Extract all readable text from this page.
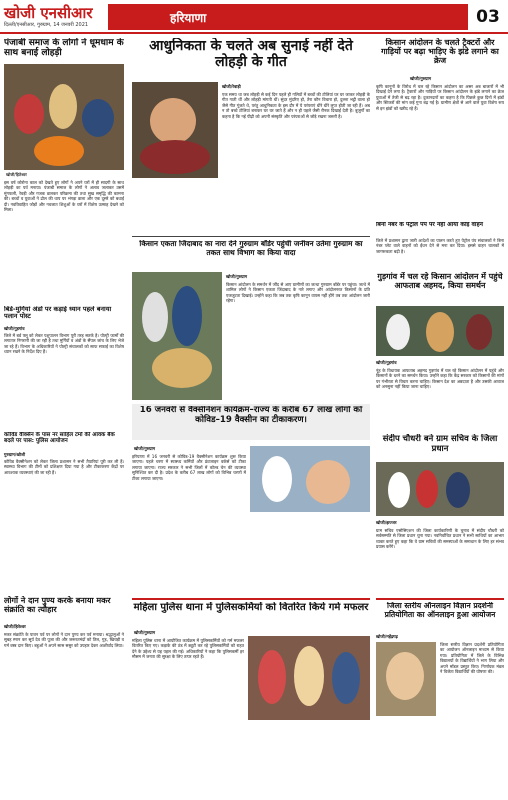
खोजी एनसीआर
दिल्ली/एनसीआर, गुरुग्राम, 14 जनवरी 2021	हरियाणा	03
पंजाबी समाज के लोगों ने धूमधाम के साथ बनाई लोहड़ी
खोजी/हितेश्वर
इस वर्ष कोरोना काल को देखते हुए लोगों ने अपने घरों में ही सादगी के साथ लोहड़ी का पर्व मनाया। पंजाबी समाज के लोगों ने अलाव जलाकर उसमें मूंगफली, रेवड़ी और गजक डालकर परिक्रमा की तथा सुख समृद्धि की कामना की। बच्चों व युवाओं ने ढोल की थाप पर भंगड़ा डाला और एक दूसरे को बधाई दी। नवविवाहित जोड़ों और नवजात शिशुओं के घरों में विशेष उत्साह देखने को मिला।
बिर्ड-मुर्गियां अंडों पर कड़ाई ध्यान पहले बनाया पलान पोस्ट
खोजी/गुड़गांव
जिले में बर्ड फ्लू को लेकर पशुपालन विभाग पूरी तरह सतर्क है। पोल्ट्री फार्मों की लगातार निगरानी की जा रही है तथा मुर्गियों व अंडों के सैंपल जांच के लिए भेजे जा रहे हैं। विभाग के अधिकारियों ने पोल्ट्री संचालकों को साफ सफाई का विशेष ध्यान रखने के निर्देश दिए हैं।
कोविड वैक्सिन के पास नर साहिल टर्मा की आवक बैक बदले पर पास: पुलिस आयोजन
गुरुग्राम/खोजी
कोविड वैक्सीनेशन को लेकर जिला प्रशासन ने सभी तैयारियां पूरी कर ली हैं। स्वास्थ्य विभाग की टीमों को प्रशिक्षण दिया गया है और टीकाकरण केंद्रों पर आवश्यक व्यवस्थाएं की जा रही हैं।
लोगों ने दान पुण्य करके बनाया मकर संक्रांति का त्यौहार
खोजी/हितेश्वर
मकर संक्रांति के पावन पर्व पर लोगों ने दान पुण्य कर पर्व मनाया। श्रद्धालुओं ने सुबह स्नान कर सूर्य देव की पूजा की और जरूरतमंदों को तिल, गुड़, खिचड़ी व गर्म वस्त्र दान किए। बहुओं ने अपने सास ससुर को उपहार देकर आशीर्वाद लिया।
आधुनिकता के चलते अब सुनाई नहीं देते लोहड़ी के गीत
खोजी/रेवाड़ी
एक समय था जब लोहड़ी से कई दिन पहले ही गलियों में बच्चों की टोलियां घर घर जाकर लोहड़ी के गीत गाती थीं और लोहड़ी मांगती थीं। सुंदर मुंदरिए हो, तेरा कौन विचारा हो, दुल्ला भट्टी वाला हो जैसे गीत गूंजते थे, परंतु आधुनिकता के इस दौर में ये परंपराएं धीरे धीरे लुप्त होती जा रही हैं। अब न तो बच्चे टोलियां बनाकर घर घर जाते हैं और न ही पहले जैसी रौनक दिखाई देती है। बुजुर्गों का कहना है कि नई पीढ़ी को अपनी संस्कृति और परंपराओं से जोड़े रखना जरूरी है।
किसान आंदोलन के चलते ट्रैक्टरों और गाड़ियों पर बढ़ा भाड़िए के झंडे लगाने का क्रेज
खोजी/गुरुग्राम
कृषि कानूनों के विरोध में चल रहे किसान आंदोलन का असर अब बाजारों में भी दिखाई देने लगा है। ट्रैक्टरों और गाड़ियों पर किसान आंदोलन के झंडे लगाने का क्रेज युवाओं में तेजी से बढ़ रहा है। दुकानदारों का कहना है कि पिछले कुछ दिनों में झंडों और स्टिकरों की मांग कई गुना बढ़ गई है। ग्रामीण क्षेत्रों से आने वाले युवा विशेष रूप से इन झंडों को खरीद रहे हैं।
बिना नंबर के पेट्रोल पंप पर नहीं आया कोई वाहन
जिले में प्रशासन द्वारा जारी आदेशों का पालन करते हुए पेट्रोल पंप संचालकों ने बिना नंबर प्लेट वाले वाहनों को ईंधन देने से मना कर दिया। इससे वाहन चालकों में जागरूकता बढ़ी है।
किसान एकता जिंदाबाद का नारा देने गुरुग्राम बॉर्डर पहुंची जनीवन उतेमा गुरुग्राम का तकत साथ विभाग का किया वादा
खोजी/गुरुग्राम
किसान आंदोलन के समर्थन में जींद से आए ग्रामीणों का जत्था गुरुग्राम बॉर्डर पर पहुंचा। जत्थे में शामिल लोगों ने किसान एकता जिंदाबाद के नारे लगाए और आंदोलनरत किसानों के प्रति एकजुटता दिखाई। उन्होंने कहा कि जब तक कृषि कानून वापस नहीं होंगे तब तक आंदोलन जारी रहेगा।
गुड़गांव में चल रहे किसान आंदोलन में पहुंचे आफताब अहमद, किया समर्थन
खोजी/गुड़गांव
नूंह के विधायक आफताब अहमद गुड़गांव में चल रहे किसान आंदोलन में पहुंचे और किसानों के धरने का समर्थन किया। उन्होंने कहा कि केंद्र सरकार को किसानों की मांगों पर गंभीरता से विचार करना चाहिए। किसान देश का अन्नदाता है और उसकी आवाज को अनसुना नहीं किया जाना चाहिए।
16 जनवरी से वैक्सीनेशन कार्यक्रम–राज्य के करीब 67 लाख लोगों को कोविड–19 वैक्सीन का टीकाकरण।
खोजी/गुरुग्राम
हरियाणा में 16 जनवरी से कोविड-19 वैक्सीनेशन कार्यक्रम शुरू किया जाएगा। पहले चरण में स्वास्थ्य कर्मियों और फ्रंटलाइन वर्कर्स को टीका लगाया जाएगा। राज्य सरकार ने सभी जिलों में कोल्ड चेन की व्यवस्था सुनिश्चित कर दी है। प्रदेश के करीब 67 लाख लोगों को विभिन्न चरणों में टीका लगाया जाएगा।
संदीप चौधरी बने ग्राम सचिव के जिला प्रधान
खोजी/झज्जर
ग्राम सचिव एसोसिएशन की जिला कार्यकारिणी के चुनाव में संदीप चौधरी को सर्वसम्मति से जिला प्रधान चुना गया। नवनिर्वाचित प्रधान ने सभी साथियों का आभार व्यक्त करते हुए कहा कि वे ग्राम सचिवों की समस्याओं के समाधान के लिए हर संभव प्रयास करेंगे।
महिला पुलिस थाना में पुलिसकर्मियों को वितरित किये गर्म मफलर
खोजी/गुरुग्राम
महिला पुलिस थाना में आयोजित कार्यक्रम में पुलिसकर्मियों को गर्म मफलर वितरित किए गए। कड़ाके की ठंड में ड्यूटी कर रहे पुलिसकर्मियों को राहत देने के उद्देश्य से यह पहल की गई। अधिकारियों ने कहा कि पुलिसकर्मी हर मौसम में जनता की सुरक्षा के लिए तत्पर रहते हैं।
जिला स्तरीय ऑनलाइन विज्ञान प्रदर्शनी प्रतियोगिता का ऑनलाइन हुआ आयोजन
खोजी/महेंद्रगढ़
जिला स्तरीय विज्ञान प्रदर्शनी प्रतियोगिता का आयोजन ऑनलाइन माध्यम से किया गया। प्रतियोगिता में जिले के विभिन्न विद्यालयों के विद्यार्थियों ने भाग लिया और अपने मॉडल प्रस्तुत किए। निर्णायक मंडल ने विजेता विद्यार्थियों की घोषणा की।
